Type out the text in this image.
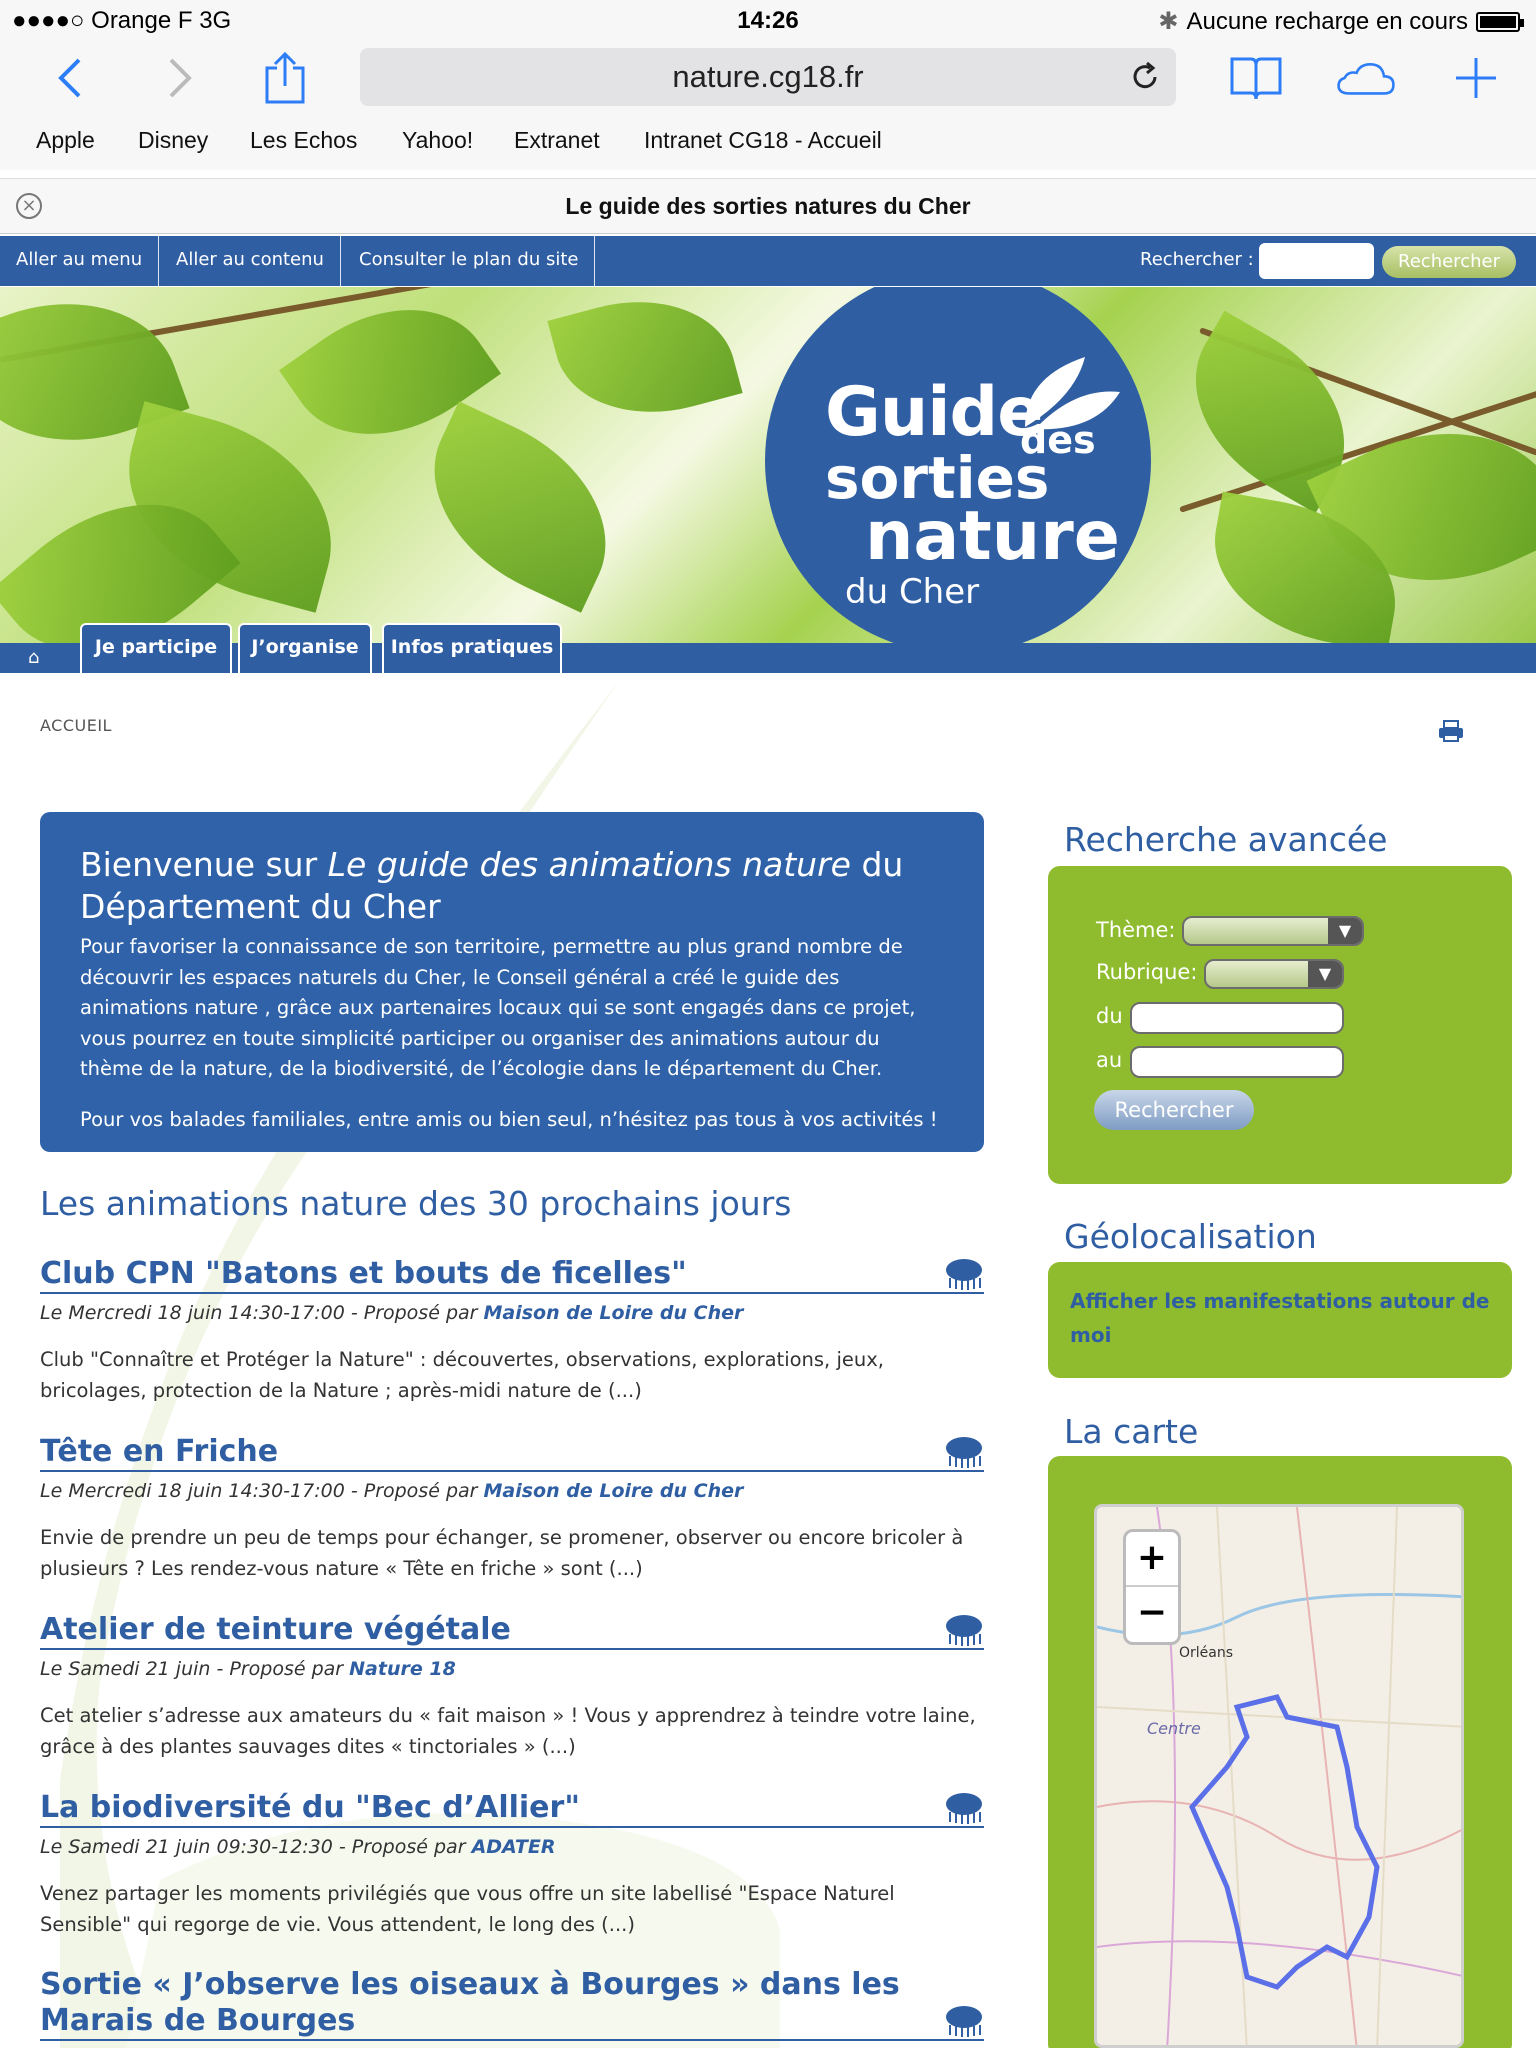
●●●●○ Orange F 3G	14:26	✱ Aucune recharge en cours
nature.cg18.fr
Apple Disney Les Echos Yahoo! Extranet Intranet CG18 - Accueil
×	Le guide des sorties natures du Cher
Aller au menu	Aller au contenu	Consulter le plan du site	Rechercher :	Rechercher
Guide
des
sorties
nature
du Cher
⌂	Je participe	J’organise	Infos pratiques
ACCUEIL
Bienvenue sur Le guide des animations nature du Département du Cher

Pour favoriser la connaissance de son territoire, permettre au plus grand nombre de découvrir les espaces naturels du Cher, le Conseil général a créé le guide des animations nature , grâce aux partenaires locaux qui se sont engagés dans ce projet, vous pourrez en toute simplicité participer ou organiser des animations autour du thème de la nature, de la biodiversité, de l’écologie dans le département du Cher.

Pour vos balades familiales, entre amis ou bien seul, n’hésitez pas tous à vos activités !

Les animations nature des 30 prochains jours
Club CPN "Batons et bouts de ficelles"
Le Mercredi 18 juin 14:30-17:00 - Proposé par Maison de Loire du Cher
Club "Connaître et Protéger la Nature" : découvertes, observations, explorations, jeux, bricolages, protection de la Nature ; après-midi nature de (...)
Tête en Friche
Le Mercredi 18 juin 14:30-17:00 - Proposé par Maison de Loire du Cher
Envie de prendre un peu de temps pour échanger, se promener, observer ou encore bricoler à plusieurs ? Les rendez-vous nature « Tête en friche » sont (...)
Atelier de teinture végétale
Le Samedi 21 juin - Proposé par Nature 18
Cet atelier s’adresse aux amateurs du « fait maison » ! Vous y apprendrez à teindre votre laine, grâce à des plantes sauvages dites « tinctoriales » (...)
La biodiversité du "Bec d’Allier"
Le Samedi 21 juin 09:30-12:30 - Proposé par ADATER
Venez partager les moments privilégiés que vous offre un site labellisé "Espace Naturel Sensible" qui regorge de vie. Vous attendent, le long des (...)
Sortie « J’observe les oiseaux à Bourges » dans les Marais de Bourges
Recherche avancée
Thème:	▼
Rubrique:	▼
du
au
Rechercher
Géolocalisation
Afficher les manifestations autour de moi
La carte
+
−
Orléans
Centre
